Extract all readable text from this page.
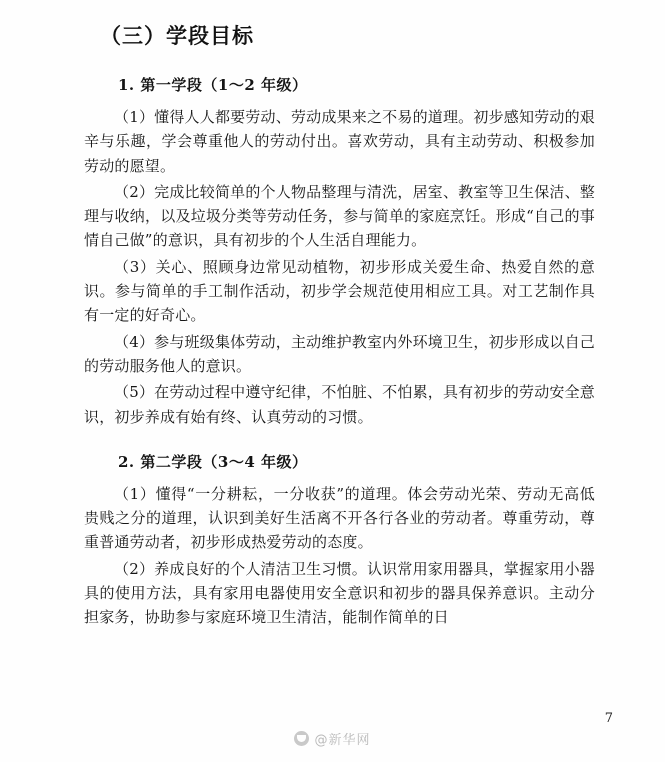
（三）学段目标
1. 第一学段（1～2 年级）

（1）懂得人人都要劳动、劳动成果来之不易的道理。初步感知劳动的艰辛与乐趣，学会尊重他人的劳动付出。喜欢劳动，具有主动劳动、积极参加劳动的愿望。

（2）完成比较简单的个人物品整理与清洗，居室、教室等卫生保洁、整理与收纳，以及垃圾分类等劳动任务，参与简单的家庭烹饪。形成“自己的事情自己做”的意识，具有初步的个人生活自理能力。

（3）关心、照顾身边常见动植物，初步形成关爱生命、热爱自然的意识。参与简单的手工制作活动，初步学会规范使用相应工具。对工艺制作具有一定的好奇心。

（4）参与班级集体劳动，主动维护教室内外环境卫生，初步形成以自己的劳动服务他人的意识。

（5）在劳动过程中遵守纪律，不怕脏、不怕累，具有初步的劳动安全意识，初步养成有始有终、认真劳动的习惯。

2. 第二学段（3～4 年级）

（1）懂得“一分耕耘，一分收获”的道理。体会劳动光荣、劳动无高低贵贱之分的道理，认识到美好生活离不开各行各业的劳动者。尊重劳动，尊重普通劳动者，初步形成热爱劳动的态度。

（2）养成良好的个人清洁卫生习惯。认识常用家用器具，掌握家用小器具的使用方法，具有家用电器使用安全意识和初步的器具保养意识。主动分担家务，协助参与家庭环境卫生清洁，能制作简单的日

7
@新华网
